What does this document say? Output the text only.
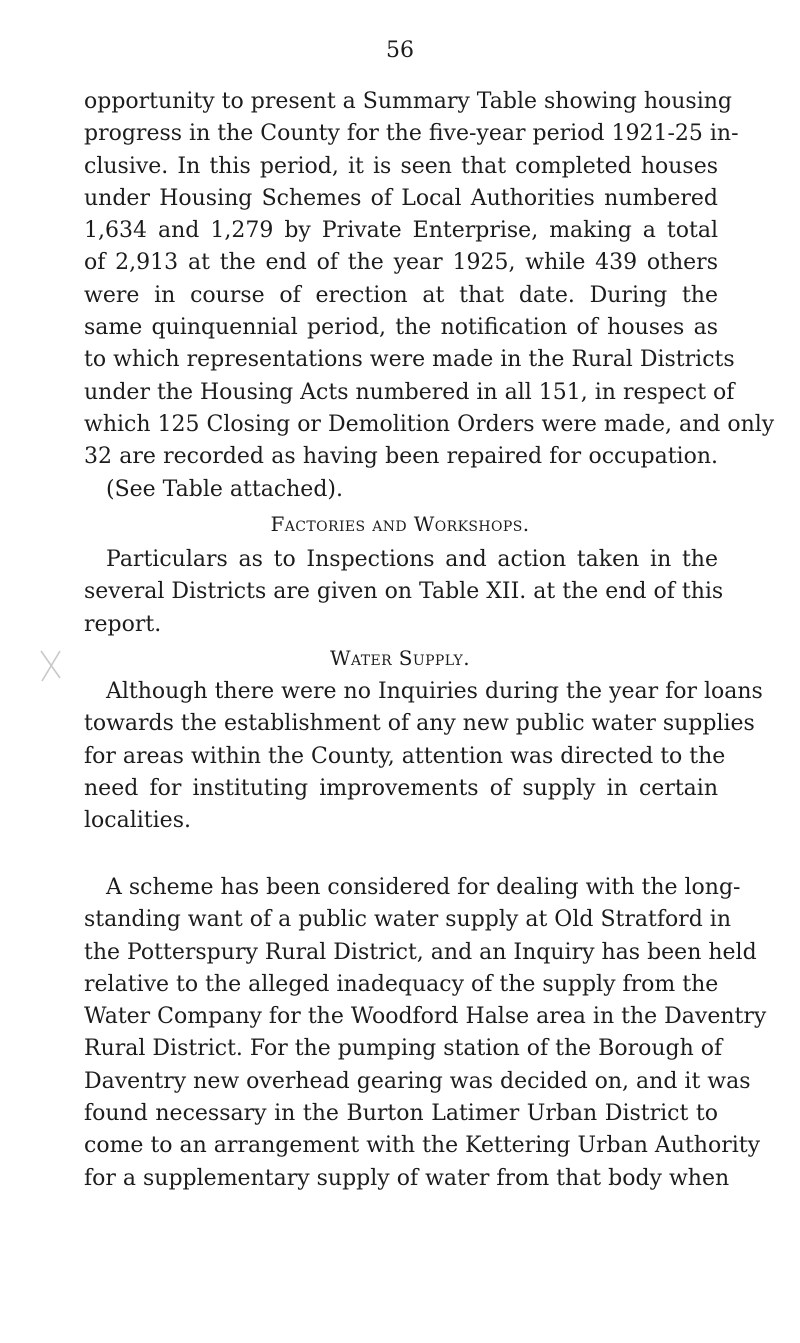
56
opportunity to present a Summary Table showing housing
progress in the County for the five-year period 1921-25 in-
clusive. In this period, it is seen that completed houses
under Housing Schemes of Local Authorities numbered
1,634 and 1,279 by Private Enterprise, making a total
of 2,913 at the end of the year 1925, while 439 others
were in course of erection at that date. During the
same quinquennial period, the notification of houses as
to which representations were made in the Rural Districts
under the Housing Acts numbered in all 151, in respect of
which 125 Closing or Demolition Orders were made, and only
32 are recorded as having been repaired for occupation.
(See Table attached).
Factories and Workshops.
Particulars as to Inspections and action taken in the
several Districts are given on Table XII. at the end of this
report.
Water Supply.
Although there were no Inquiries during the year for loans
towards the establishment of any new public water supplies
for areas within the County, attention was directed to the
need for instituting improvements of supply in certain
localities.
A scheme has been considered for dealing with the long-
standing want of a public water supply at Old Stratford in
the Potterspury Rural District, and an Inquiry has been held
relative to the alleged inadequacy of the supply from the
Water Company for the Woodford Halse area in the Daventry
Rural District. For the pumping station of the Borough of
Daventry new overhead gearing was decided on, and it was
found necessary in the Burton Latimer Urban District to
come to an arrangement with the Kettering Urban Authority
for a supplementary supply of water from that body when
